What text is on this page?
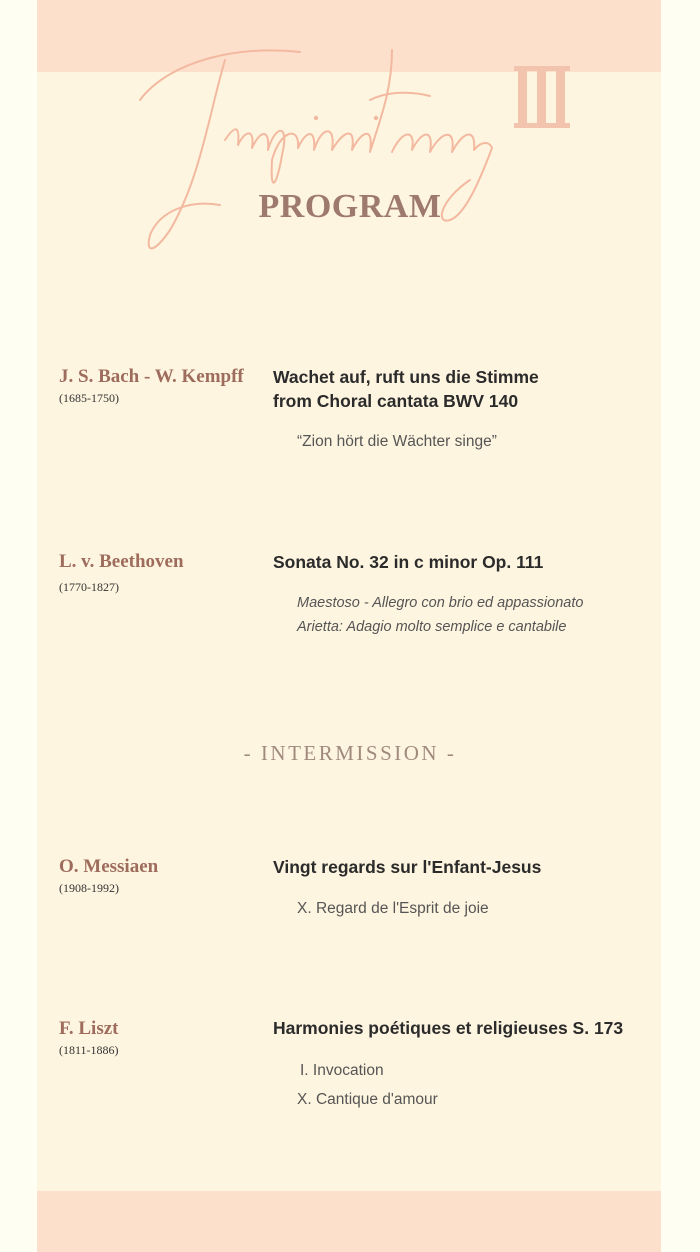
PROGRAM
J. S. Bach - W. Kempff
(1685-1750)
Wachet auf, ruft uns die Stimme
from Choral cantata BWV 140
“Zion hört die Wächter singe”
L. v. Beethoven
(1770-1827)
Sonata No. 32 in c minor Op. 111
Maestoso - Allegro con brio ed appassionato
Arietta: Adagio molto semplice e cantabile
- INTERMISSION -
O. Messiaen
(1908-1992)
Vingt regards sur l'Enfant-Jesus
X. Regard de l'Esprit de joie
F. Liszt
(1811-1886)
Harmonies poétiques et religieuses S. 173
I. Invocation
X. Cantique d'amour
